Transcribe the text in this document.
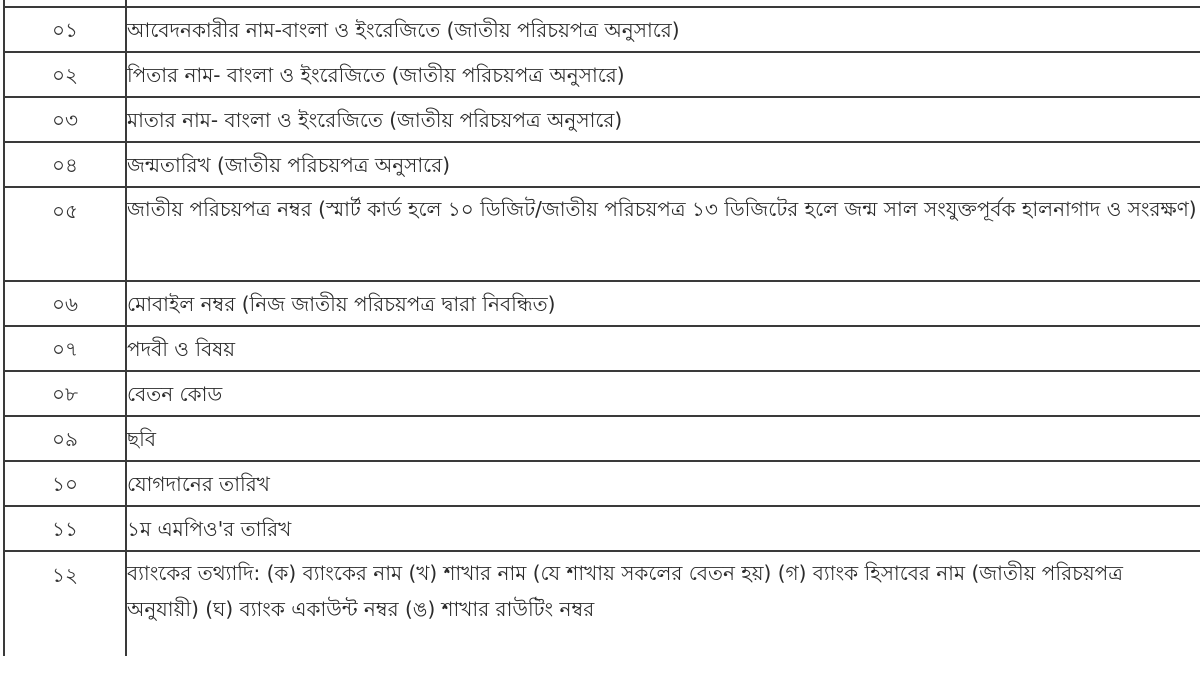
০১	আবেদনকারীর নাম-বাংলা ও ইংরেজিতে (জাতীয় পরিচয়পত্র অনুসারে)
০২	পিতার নাম- বাংলা ও ইংরেজিতে (জাতীয় পরিচয়পত্র অনুসারে)
০৩	মাতার নাম- বাংলা ও ইংরেজিতে (জাতীয় পরিচয়পত্র অনুসারে)
০৪	জন্মতারিখ (জাতীয় পরিচয়পত্র অনুসারে)
০৫	জাতীয় পরিচয়পত্র নম্বর (স্মার্ট কার্ড হলে ১০ ডিজিট/জাতীয় পরিচয়পত্র ১৩ ডিজিটের হলে জন্ম সাল সংযুক্তপূর্বক হালনাগাদ ও সংরক্ষণ)
০৬	মোবাইল নম্বর (নিজ জাতীয় পরিচয়পত্র দ্বারা নিবন্ধিত)
০৭	পদবী ও বিষয়
০৮	বেতন কোড
০৯	ছবি
১০	যোগদানের তারিখ
১১	১ম এমপিও'র তারিখ
১২	ব্যাংকের তথ্যাদি: (ক) ব্যাংকের নাম (খ) শাখার নাম (যে শাখায় সকলের বেতন হয়) (গ) ব্যাংক হিসাবের নাম (জাতীয় পরিচয়পত্র অনুযায়ী) (ঘ) ব্যাংক একাউন্ট নম্বর (ঙ) শাখার রাউটিং নম্বর
